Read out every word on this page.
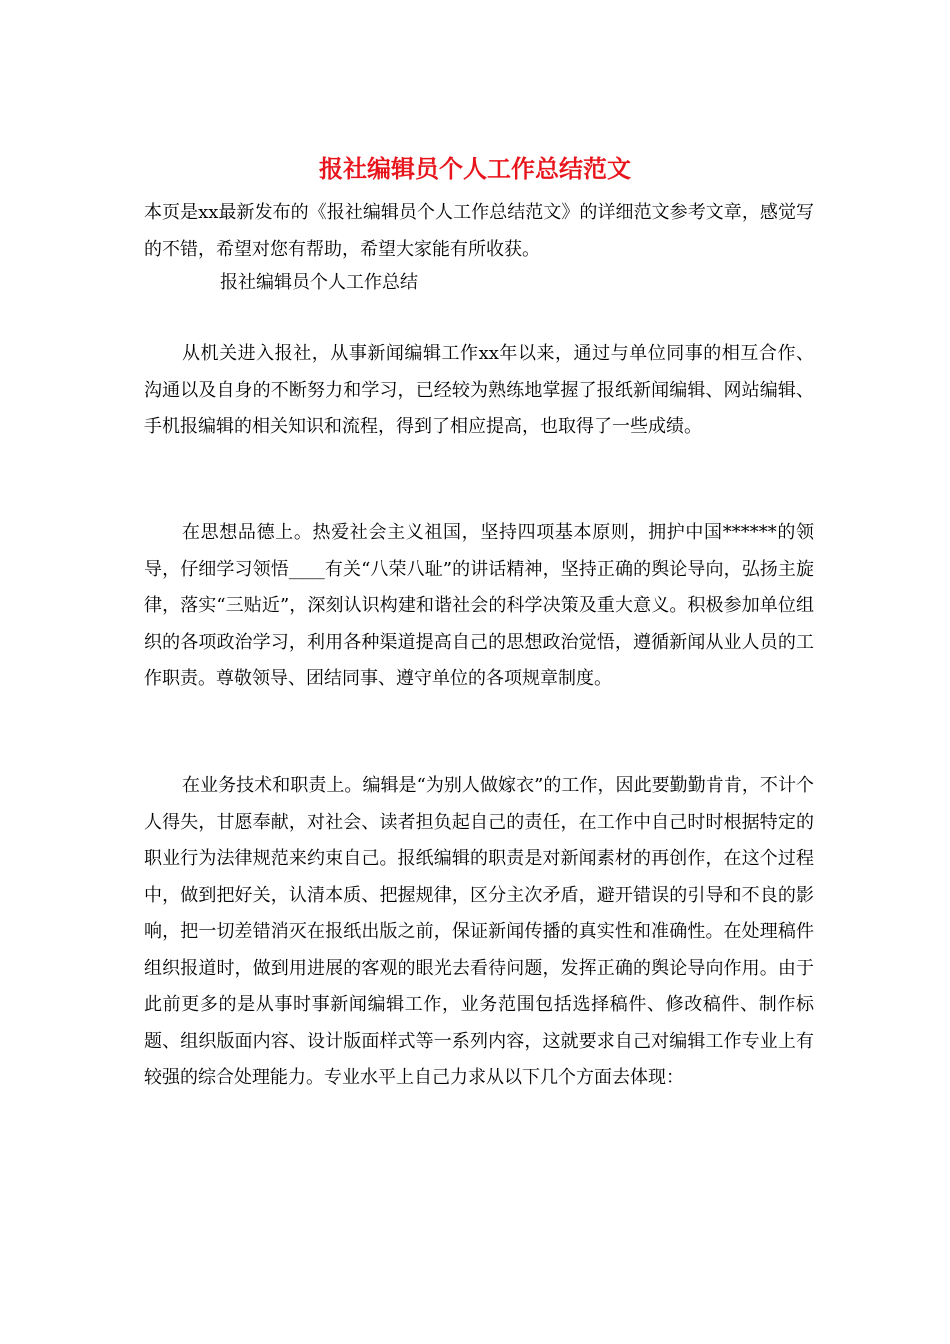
报社编辑员个人工作总结范文

本页是xx最新发布的《报社编辑员个人工作总结范文》的详细范文参考文章，感觉写的不错，希望对您有帮助，希望大家能有所收获。

报社编辑员个人工作总结

从机关进入报社，从事新闻编辑工作xx年以来，通过与单位同事的相互合作、沟通以及自身的不断努力和学习，已经较为熟练地掌握了报纸新闻编辑、网站编辑、手机报编辑的相关知识和流程，得到了相应提高，也取得了一些成绩。

在思想品德上。热爱社会主义祖国，坚持四项基本原则，拥护中国******的领导，仔细学习领悟____有关“八荣八耻”的讲话精神，坚持正确的舆论导向，弘扬主旋律，落实“三贴近”，深刻认识构建和谐社会的科学决策及重大意义。积极参加单位组织的各项政治学习，利用各种渠道提高自己的思想政治觉悟，遵循新闻从业人员的工作职责。尊敬领导、团结同事、遵守单位的各项规章制度。

在业务技术和职责上。编辑是“为别人做嫁衣”的工作，因此要勤勤肯肯，不计个人得失，甘愿奉献，对社会、读者担负起自己的责任，在工作中自己时时根据特定的职业行为法律规范来约束自己。报纸编辑的职责是对新闻素材的再创作，在这个过程中，做到把好关，认清本质、把握规律，区分主次矛盾，避开错误的引导和不良的影响，把一切差错消灭在报纸出版之前，保证新闻传播的真实性和准确性。在处理稿件组织报道时，做到用进展的客观的眼光去看待问题，发挥正确的舆论导向作用。由于此前更多的是从事时事新闻编辑工作，业务范围包括选择稿件、修改稿件、制作标题、组织版面内容、设计版面样式等一系列内容，这就要求自己对编辑工作专业上有较强的综合处理能力。专业水平上自己力求从以下几个方面去体现：
